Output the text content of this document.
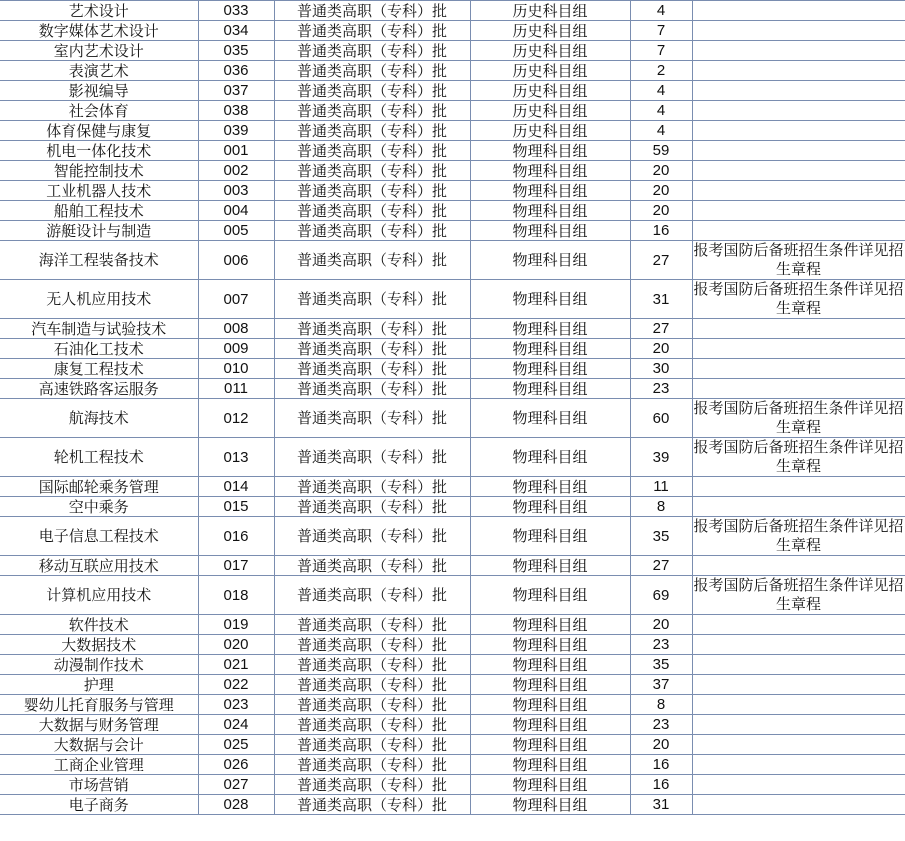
艺术设计	033	普通类高职（专科）批	历史科目组	4	
数字媒体艺术设计	034	普通类高职（专科）批	历史科目组	7	
室内艺术设计	035	普通类高职（专科）批	历史科目组	7	
表演艺术	036	普通类高职（专科）批	历史科目组	2	
影视编导	037	普通类高职（专科）批	历史科目组	4	
社会体育	038	普通类高职（专科）批	历史科目组	4	
体育保健与康复	039	普通类高职（专科）批	历史科目组	4	
机电一体化技术	001	普通类高职（专科）批	物理科目组	59	
智能控制技术	002	普通类高职（专科）批	物理科目组	20	
工业机器人技术	003	普通类高职（专科）批	物理科目组	20	
船舶工程技术	004	普通类高职（专科）批	物理科目组	20	
游艇设计与制造	005	普通类高职（专科）批	物理科目组	16	
海洋工程装备技术	006	普通类高职（专科）批	物理科目组	27	报考国防后备班招生条件详见招生章程
无人机应用技术	007	普通类高职（专科）批	物理科目组	31	报考国防后备班招生条件详见招生章程
汽车制造与试验技术	008	普通类高职（专科）批	物理科目组	27	
石油化工技术	009	普通类高职（专科）批	物理科目组	20	
康复工程技术	010	普通类高职（专科）批	物理科目组	30	
高速铁路客运服务	011	普通类高职（专科）批	物理科目组	23	
航海技术	012	普通类高职（专科）批	物理科目组	60	报考国防后备班招生条件详见招生章程
轮机工程技术	013	普通类高职（专科）批	物理科目组	39	报考国防后备班招生条件详见招生章程
国际邮轮乘务管理	014	普通类高职（专科）批	物理科目组	11	
空中乘务	015	普通类高职（专科）批	物理科目组	8	
电子信息工程技术	016	普通类高职（专科）批	物理科目组	35	报考国防后备班招生条件详见招生章程
移动互联应用技术	017	普通类高职（专科）批	物理科目组	27	
计算机应用技术	018	普通类高职（专科）批	物理科目组	69	报考国防后备班招生条件详见招生章程
软件技术	019	普通类高职（专科）批	物理科目组	20	
大数据技术	020	普通类高职（专科）批	物理科目组	23	
动漫制作技术	021	普通类高职（专科）批	物理科目组	35	
护理	022	普通类高职（专科）批	物理科目组	37	
婴幼儿托育服务与管理	023	普通类高职（专科）批	物理科目组	8	
大数据与财务管理	024	普通类高职（专科）批	物理科目组	23	
大数据与会计	025	普通类高职（专科）批	物理科目组	20	
工商企业管理	026	普通类高职（专科）批	物理科目组	16	
市场营销	027	普通类高职（专科）批	物理科目组	16	
电子商务	028	普通类高职（专科）批	物理科目组	31	
